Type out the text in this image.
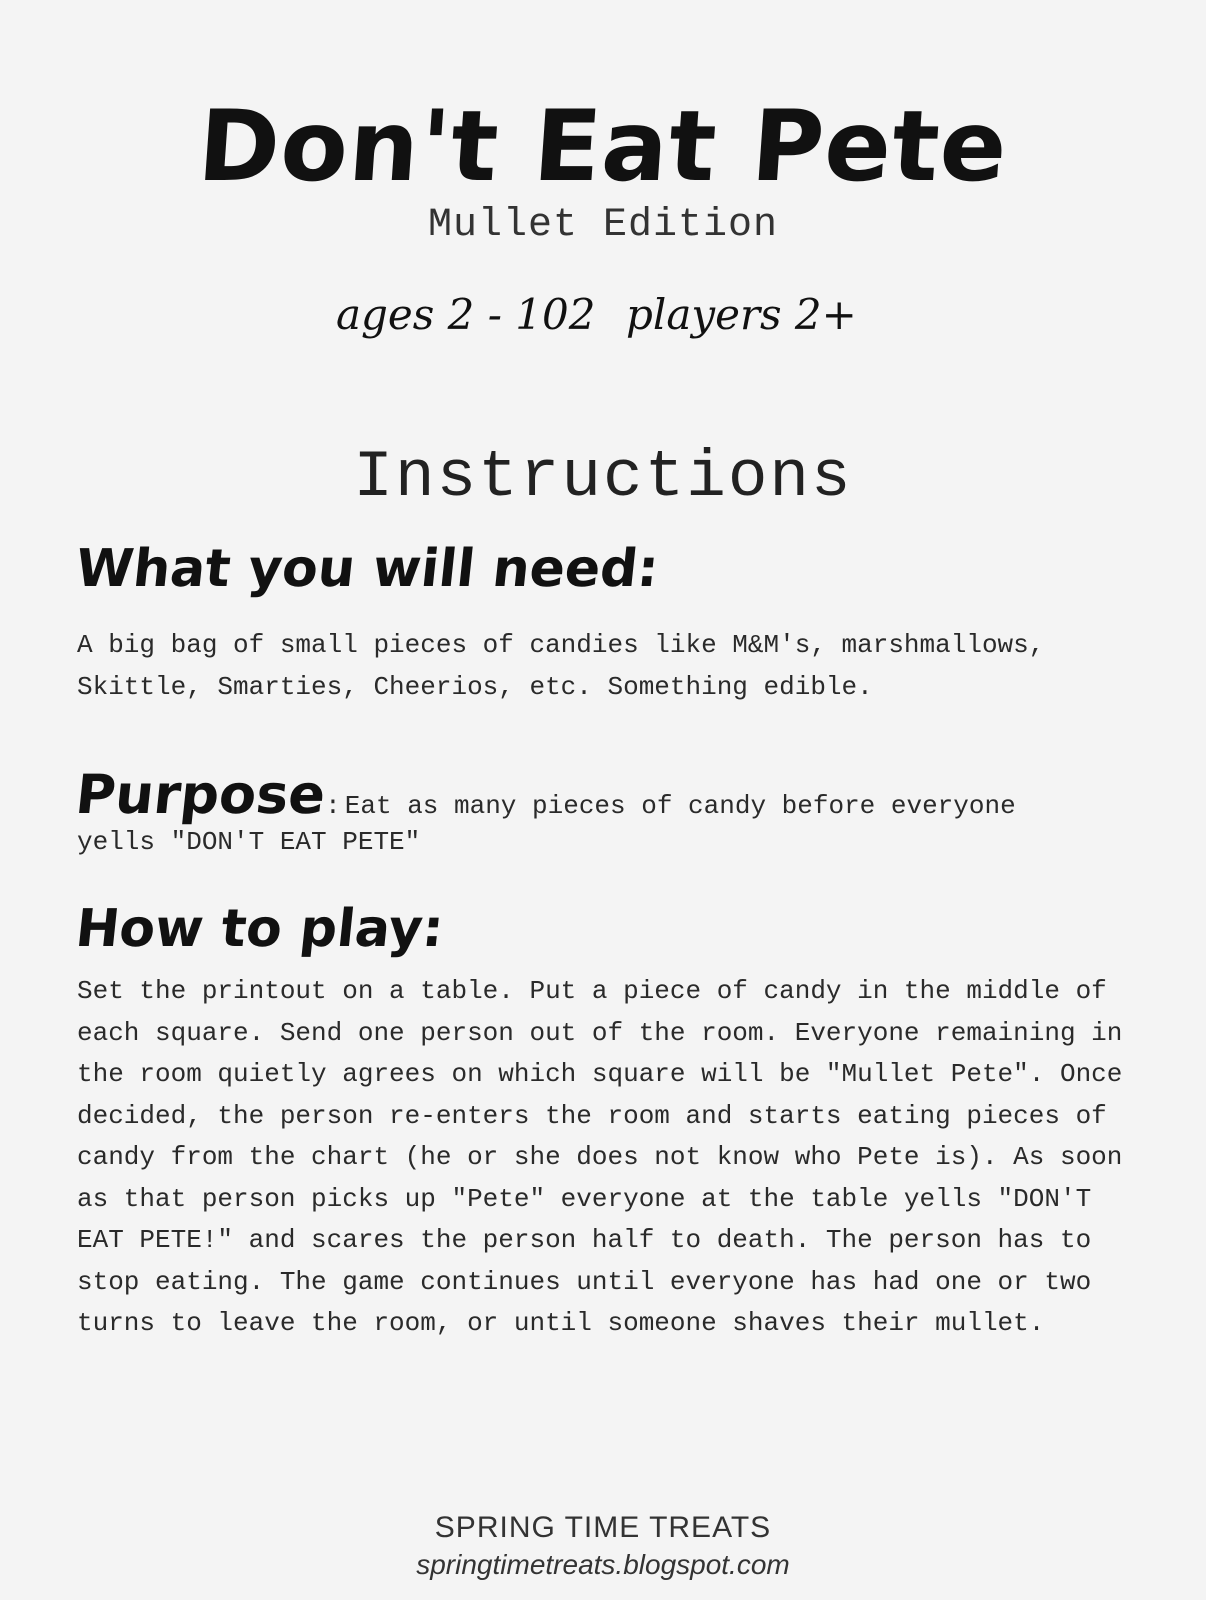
Don't Eat Pete
Mullet Edition
ages 2 - 102 players 2+
Instructions
What you will need:

A big bag of small pieces of candies like M&M's, marshmallows, Skittle, Smarties, Cheerios, etc. Something edible.

Purpose: Eat as many pieces of candy before everyone
yells "DON'T EAT PETE"
How to play:

Set the printout on a table. Put a piece of candy in the middle of each square. Send one person out of the room. Everyone remaining in the room quietly agrees on which square will be "Mullet Pete". Once decided, the person re-enters the room and starts eating pieces of candy from the chart (he or she does not know who Pete is). As soon as that person picks up "Pete" everyone at the table yells "DON'T EAT PETE!" and scares the person half to death. The person has to stop eating. The game continues until everyone has had one or two turns to leave the room, or until someone shaves their mullet.

SPRING TIME TREATS
springtimetreats.blogspot.com
